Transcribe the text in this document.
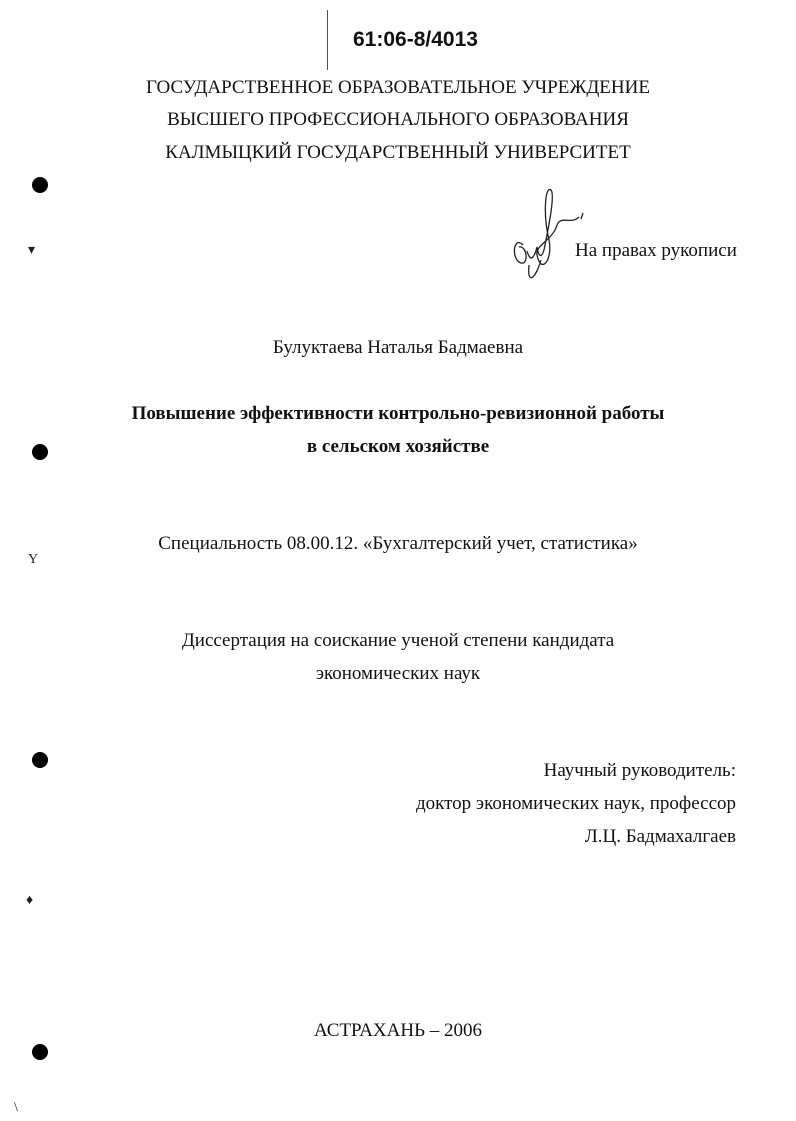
61:06-8/4013
ГОСУДАРСТВЕННОЕ ОБРАЗОВАТЕЛЬНОЕ УЧРЕЖДЕНИЕ
ВЫСШЕГО ПРОФЕССИОНАЛЬНОГО ОБРАЗОВАНИЯ
КАЛМЫЦКИЙ ГОСУДАРСТВЕННЫЙ УНИВЕРСИТЕТ
На правах рукописи
Булуктаева Наталья Бадмаевна
Повышение эффективности контрольно-ревизионной работы
в сельском хозяйстве
Специальность 08.00.12. «Бухгалтерский учет, статистика»
Диссертация на соискание ученой степени кандидата
экономических наук
Научный руководитель:
доктор экономических наук, профессор
Л.Ц. Бадмахалгаев
АСТРАХАНЬ – 2006
▾
Y
♦
\
